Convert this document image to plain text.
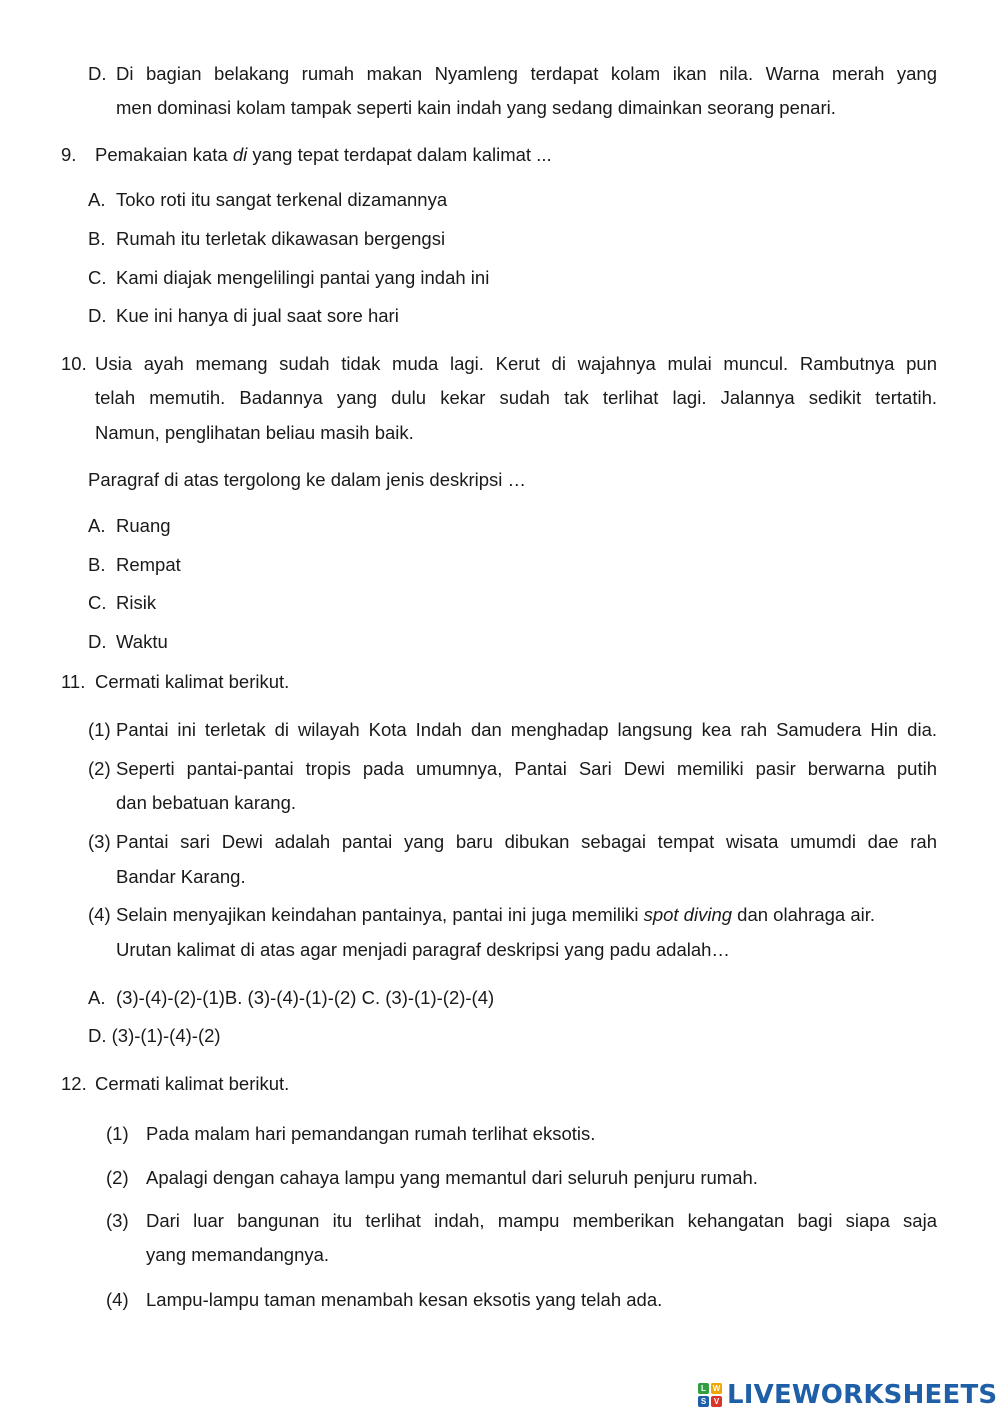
D. Di bagian belakang rumah makan Nyamleng terdapat kolam ikan nila. Warna merah yang
men dominasi kolam tampak seperti kain indah yang sedang dimainkan seorang penari.
9. Pemakaian kata di yang tepat terdapat dalam kalimat ...
A. Toko roti itu sangat terkenal dizamannya
B. Rumah itu terletak dikawasan bergengsi
C. Kami diajak mengelilingi pantai yang indah ini
D. Kue ini hanya di jual saat sore hari
10. Usia ayah memang sudah tidak muda lagi. Kerut di wajahnya mulai muncul. Rambutnya pun
telah memutih. Badannya yang dulu kekar sudah tak terlihat lagi. Jalannya sedikit tertatih.
Namun, penglihatan beliau masih baik.
Paragraf di atas tergolong ke dalam jenis deskripsi …
A. Ruang
B. Rempat
C. Risik
D. Waktu
11. Cermati kalimat berikut.
(1) Pantai ini terletak di wilayah Kota Indah dan menghadap langsung kea rah Samudera Hin dia.
(2) Seperti pantai-pantai tropis pada umumnya, Pantai Sari Dewi memiliki pasir berwarna putih
dan bebatuan karang.
(3) Pantai sari Dewi adalah pantai yang baru dibukan sebagai tempat wisata umumdi dae rah
Bandar Karang.
(4) Selain menyajikan keindahan pantainya, pantai ini juga memiliki spot diving dan olahraga air.
Urutan kalimat di atas agar menjadi paragraf deskripsi yang padu adalah…
A. (3)-(4)-(2)-(1)B. (3)-(4)-(1)-(2) C. (3)-(1)-(2)-(4)
D. (3)-(1)-(4)-(2)
12. Cermati kalimat berikut.
(1) Pada malam hari pemandangan rumah terlihat eksotis.
(2) Apalagi dengan cahaya lampu yang memantul dari seluruh penjuru rumah.
(3) Dari luar bangunan itu terlihat indah, mampu memberikan kehangatan bagi siapa saja
yang memandangnya.
(4) Lampu-lampu taman menambah kesan eksotis yang telah ada.
L W
S V LIVEWORKSHEETS
